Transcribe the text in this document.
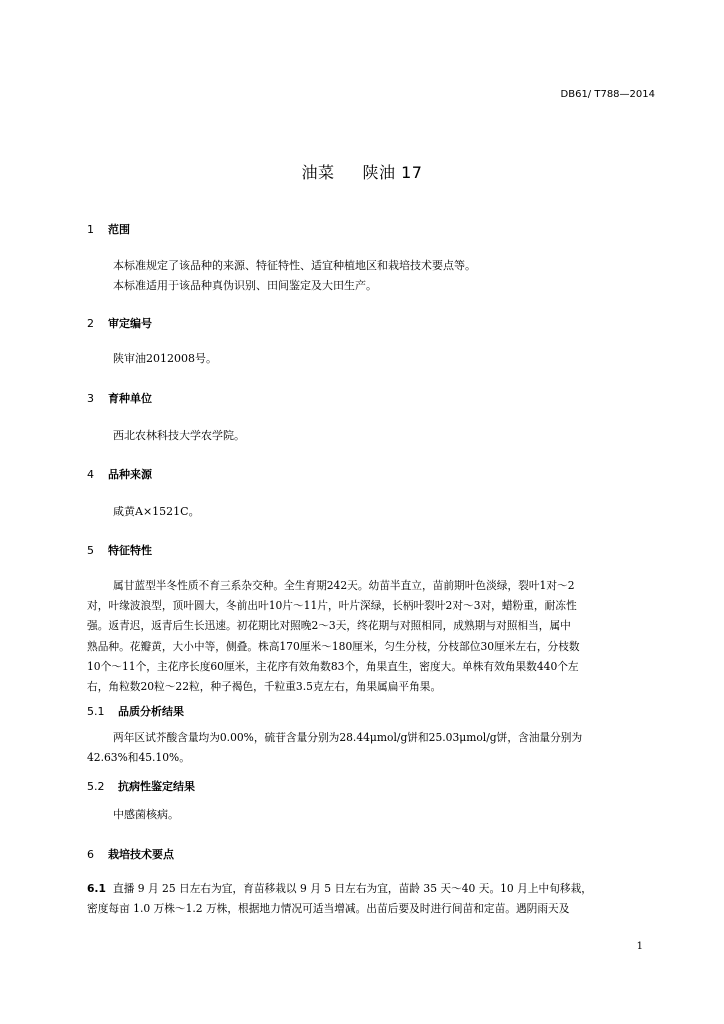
DB61/ T788—2014
油菜 陕油 17
1 范围
本标准规定了该品种的来源、特征特性、适宜种植地区和栽培技术要点等。
本标准适用于该品种真伪识别、田间鉴定及大田生产。
2 审定编号
陕审油2012008号。
3 育种单位
西北农林科技大学农学院。
4 品种来源
咸黄A×1521C。
5 特征特性
属甘蓝型半冬性质不育三系杂交种。全生育期242天。幼苗半直立，苗前期叶色淡绿，裂叶1对～2
对，叶缘波浪型，顶叶圆大，冬前出叶10片～11片，叶片深绿，长柄叶裂叶2对～3对，蜡粉重，耐冻性
强。返青迟，返青后生长迅速。初花期比对照晚2～3天，终花期与对照相同，成熟期与对照相当，属中
熟品种。花瓣黄，大小中等，侧叠。株高170厘米～180厘米，匀生分枝，分枝部位30厘米左右，分枝数
10个～11个，主花序长度60厘米，主花序有效角数83个，角果直生，密度大。单株有效角果数440个左
右，角粒数20粒～22粒，种子褐色，千粒重3.5克左右，角果属扁平角果。
5.1 品质分析结果
两年区试芥酸含量均为0.00%，硫苷含量分别为28.44μmol/g饼和25.03μmol/g饼，含油量分别为
42.63%和45.10%。
5.2 抗病性鉴定结果
中感菌核病。
6 栽培技术要点
6.1 直播 9 月 25 日左右为宜，育苗移栽以 9 月 5 日左右为宜，苗龄 35 天～40 天。10 月上中旬移栽，
密度每亩 1.0 万株～1.2 万株，根据地力情况可适当增减。出苗后要及时进行间苗和定苗。遇阴雨天及
1
